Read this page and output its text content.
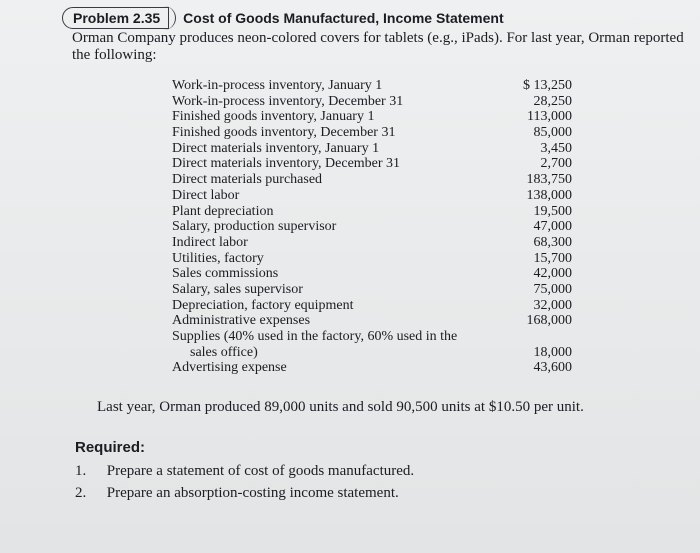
Problem 2.35	Cost of Goods Manufactured, Income Statement
Orman Company produces neon-colored covers for tablets (e.g., iPads). For last year, Orman reported the following:
Work-in-process inventory, January 1	$ 13,250
Work-in-process inventory, December 31	28,250
Finished goods inventory, January 1	113,000
Finished goods inventory, December 31	85,000
Direct materials inventory, January 1	3,450
Direct materials inventory, December 31	2,700
Direct materials purchased	183,750
Direct labor	138,000
Plant depreciation	19,500
Salary, production supervisor	47,000
Indirect labor	68,300
Utilities, factory	15,700
Sales commissions	42,000
Salary, sales supervisor	75,000
Depreciation, factory equipment	32,000
Administrative expenses	168,000
Supplies (40% used in the factory, 60% used in the
sales office)	18,000
Advertising expense	43,600
Last year, Orman produced 89,000 units and sold 90,500 units at $10.50 per unit.
Required:
1. Prepare a statement of cost of goods manufactured.
2. Prepare an absorption-costing income statement.
